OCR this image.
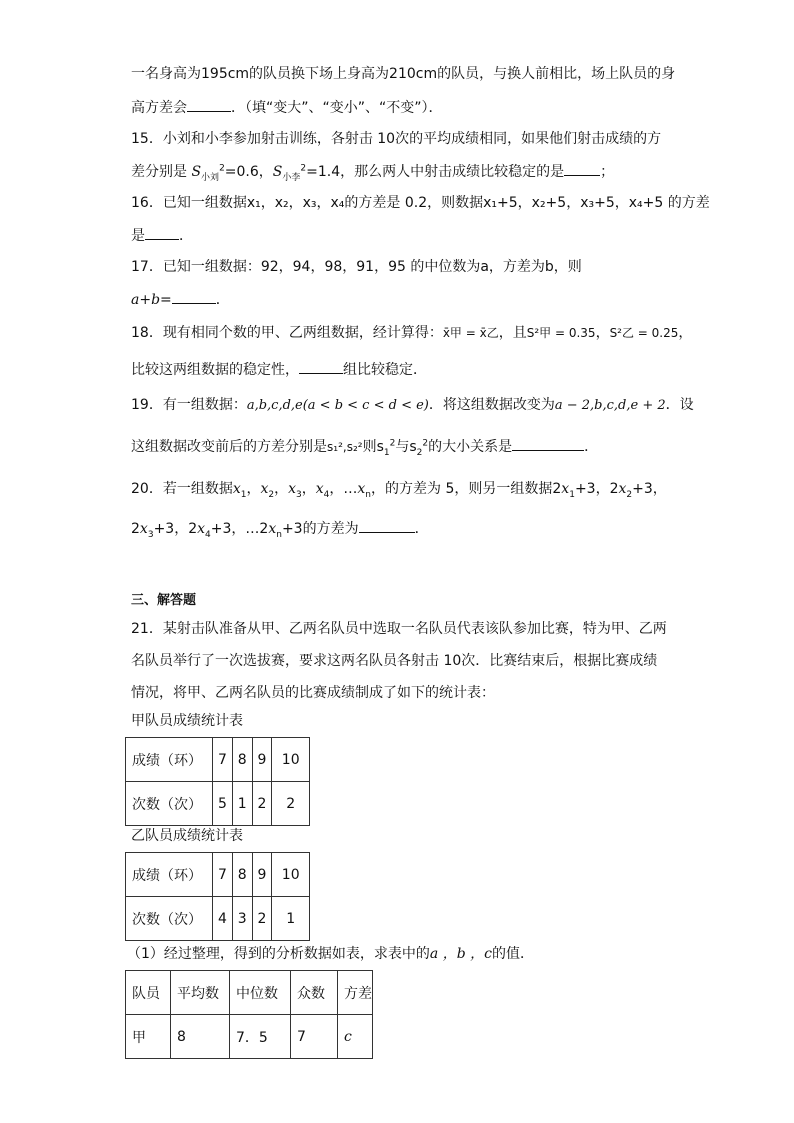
一名身高为195cm的队员换下场上身高为210cm的队员，与换人前相比，场上队员的身
高方差会	．（填“变大”、“变小”、“不变”）．
15．小刘和小李参加射击训练，各射击 10次的平均成绩相同，如果他们射击成绩的方
差分别是 $S_{小刘}^2=0.6$，$S_{小李}^2=1.4$，那么两人中射击成绩比较稳定的是	；
16．已知一组数据x₁，x₂，x₃，x₄的方差是 0.2，则数据x₁+5，x₂+5，x₃+5，x₄+5 的方差
是 ．
17．已知一组数据：92，94，98，91，95 的中位数为a，方差为b，则
a+b=	．
18．现有相同个数的甲、乙两组数据，经计算得：x̄甲 = x̄乙，且S²甲 = 0.35，S²乙 = 0.25，
比较这两组数据的稳定性，	组比较稳定．
19．有一组数据：a,b,c,d,e(a < b < c < d < e)．将这组数据改变为a − 2,b,c,d,e + 2．设
这组数据改变前后的方差分别是s₁²,s₂²则$s_1^2$与$s_2^2$的大小关系是	．
20．若一组数据$x_1$，$x_2$，$x_3$，$x_4$，$\dots x_n$，的方差为 5，则另一组数据$2x_1+3$，$2x_2+3$，
$2x_3+3$，$2x_4+3$，$\dots 2x_n+3$的方差为	．
三、解答题
21．某射击队准备从甲、乙两名队员中选取一名队员代表该队参加比赛，特为甲、乙两
名队员举行了一次选拔赛，要求这两名队员各射击 10次．比赛结束后，根据比赛成绩
情况，将甲、乙两名队员的比赛成绩制成了如下的统计表：
甲队员成绩统计表
成绩（环）	7	8	9	10
次数（次）	5	1	2	2
乙队员成绩统计表
成绩（环）	7	8	9	10
次数（次）	4	3	2	1
（1）经过整理，得到的分析数据如表，求表中的a ，b ，c的值．
队员	平均数	中位数	众数	方差
甲	8	7．5	7	c
